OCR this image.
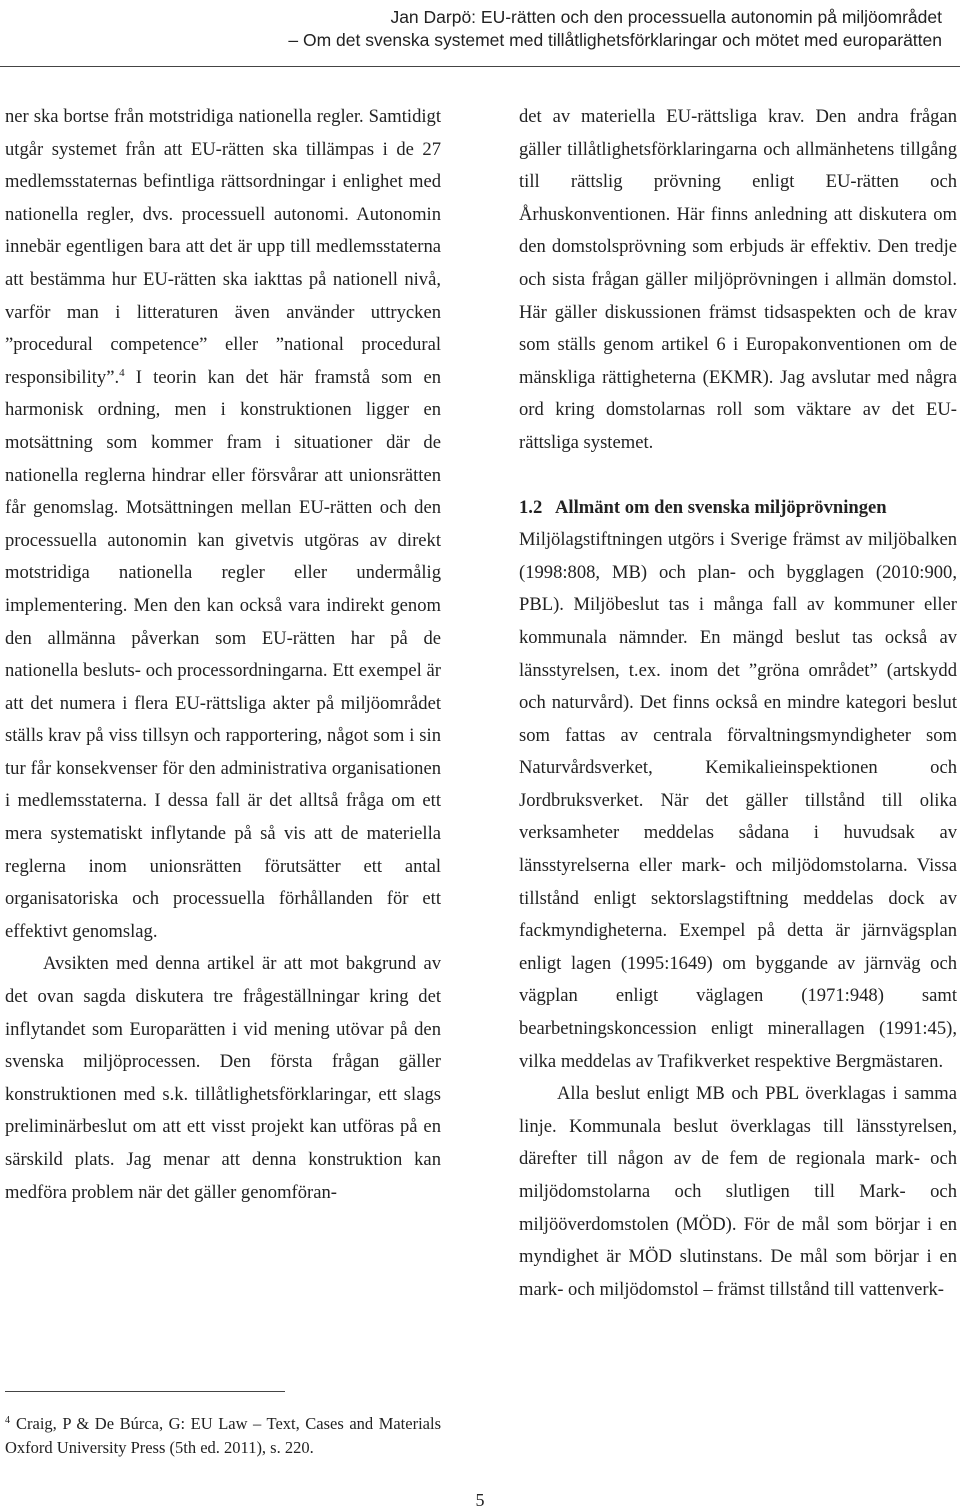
Jan Darpö: EU-rätten och den processuella autonomin på miljöområdet
– Om det svenska systemet med tillåtlighetsförklaringar och mötet med europarätten

ner ska bortse från motstridiga nationella regler. Samtidigt utgår systemet från att EU-rätten ska tillämpas i de 27 medlemsstaternas befintliga rättsordningar i enlighet med nationella regler, dvs. processuell autonomi. Autonomin innebär egentligen bara att det är upp till medlemsstaterna att bestämma hur EU-rätten ska iakttas på nationell nivå, varför man i litteraturen även använder uttrycken ”procedural competence” eller ”national procedural responsibility”.$^4$ I teorin kan det här framstå som en harmonisk ordning, men i konstruktionen ligger en motsättning som kommer fram i situationer där de nationella reglerna hindrar eller försvårar att unionsrätten får genomslag. Motsättningen mellan EU-rätten och den processuella autonomin kan givetvis utgöras av direkt motstridiga nationella regler eller undermålig implementering. Men den kan också vara indirekt genom den allmänna påverkan som EU-rätten har på de nationella besluts- och processordningarna. Ett exempel är att det numera i flera EU-rättsliga akter på miljöområdet ställs krav på viss tillsyn och rapportering, något som i sin tur får konsekvenser för den administrativa organisationen i medlemsstaterna. I dessa fall är det alltså fråga om ett mera systematiskt inflytande på så vis att de materiella reglerna inom unionsrätten förutsätter ett antal organisatoriska och processuella förhållanden för ett effektivt genomslag.

Avsikten med denna artikel är att mot bakgrund av det ovan sagda diskutera tre frågeställningar kring det inflytandet som Europarätten i vid mening utövar på den svenska miljöprocessen. Den första frågan gäller konstruktionen med s.k. tillåtlighetsförklaringar, ett slags preliminärbeslut om att ett visst projekt kan utföras på en särskild plats. Jag menar att denna konstruktion kan medföra problem när det gäller genomföran-

det av materiella EU-rättsliga krav. Den andra frågan gäller tillåtlighetsförklaringarna och allmänhetens tillgång till rättslig prövning enligt EU-rätten och Århuskonventionen. Här finns anledning att diskutera om den domstolsprövning som erbjuds är effektiv. Den tredje och sista frågan gäller miljöprövningen i allmän domstol. Här gäller diskussionen främst tidsaspekten och de krav som ställs genom artikel 6 i Europakonventionen om de mänskliga rättigheterna (EKMR). Jag avslutar med några ord kring domstolarnas roll som väktare av det EU-rättsliga systemet.

1.2 Allmänt om den svenska miljöprövningen

Miljölagstiftningen utgörs i Sverige främst av miljöbalken (1998:808, MB) och plan- och bygglagen (2010:900, PBL). Miljöbeslut tas i många fall av kommuner eller kommunala nämnder. En mängd beslut tas också av länsstyrelsen, t.ex. inom det ”gröna området” (artskydd och naturvård). Det finns också en mindre kategori beslut som fattas av centrala förvaltningsmyndigheter som Naturvårdsverket, Kemikalieinspektionen och Jordbruksverket. När det gäller tillstånd till olika verksamheter meddelas sådana i huvudsak av länsstyrelserna eller mark- och miljödomstolarna. Vissa tillstånd enligt sektorslagstiftning meddelas dock av fackmyndigheterna. Exempel på detta är järnvägsplan enligt lagen (1995:1649) om byggande av järnväg och vägplan enligt väglagen (1971:948) samt bearbetningskoncession enligt minerallagen (1991:45), vilka meddelas av Trafikverket respektive Bergmästaren.

Alla beslut enligt MB och PBL överklagas i samma linje. Kommunala beslut överklagas till länsstyrelsen, därefter till någon av de fem de regionala mark- och miljödomstolarna och slutligen till Mark- och miljööverdomstolen (MÖD). För de mål som börjar i en myndighet är MÖD slutinstans. De mål som börjar i en mark- och miljödomstol – främst tillstånd till vattenverk-

$^4$ Craig, P & De Búrca, G: EU Law – Text, Cases and Materials Oxford University Press (5th ed. 2011), s. 220.
5
